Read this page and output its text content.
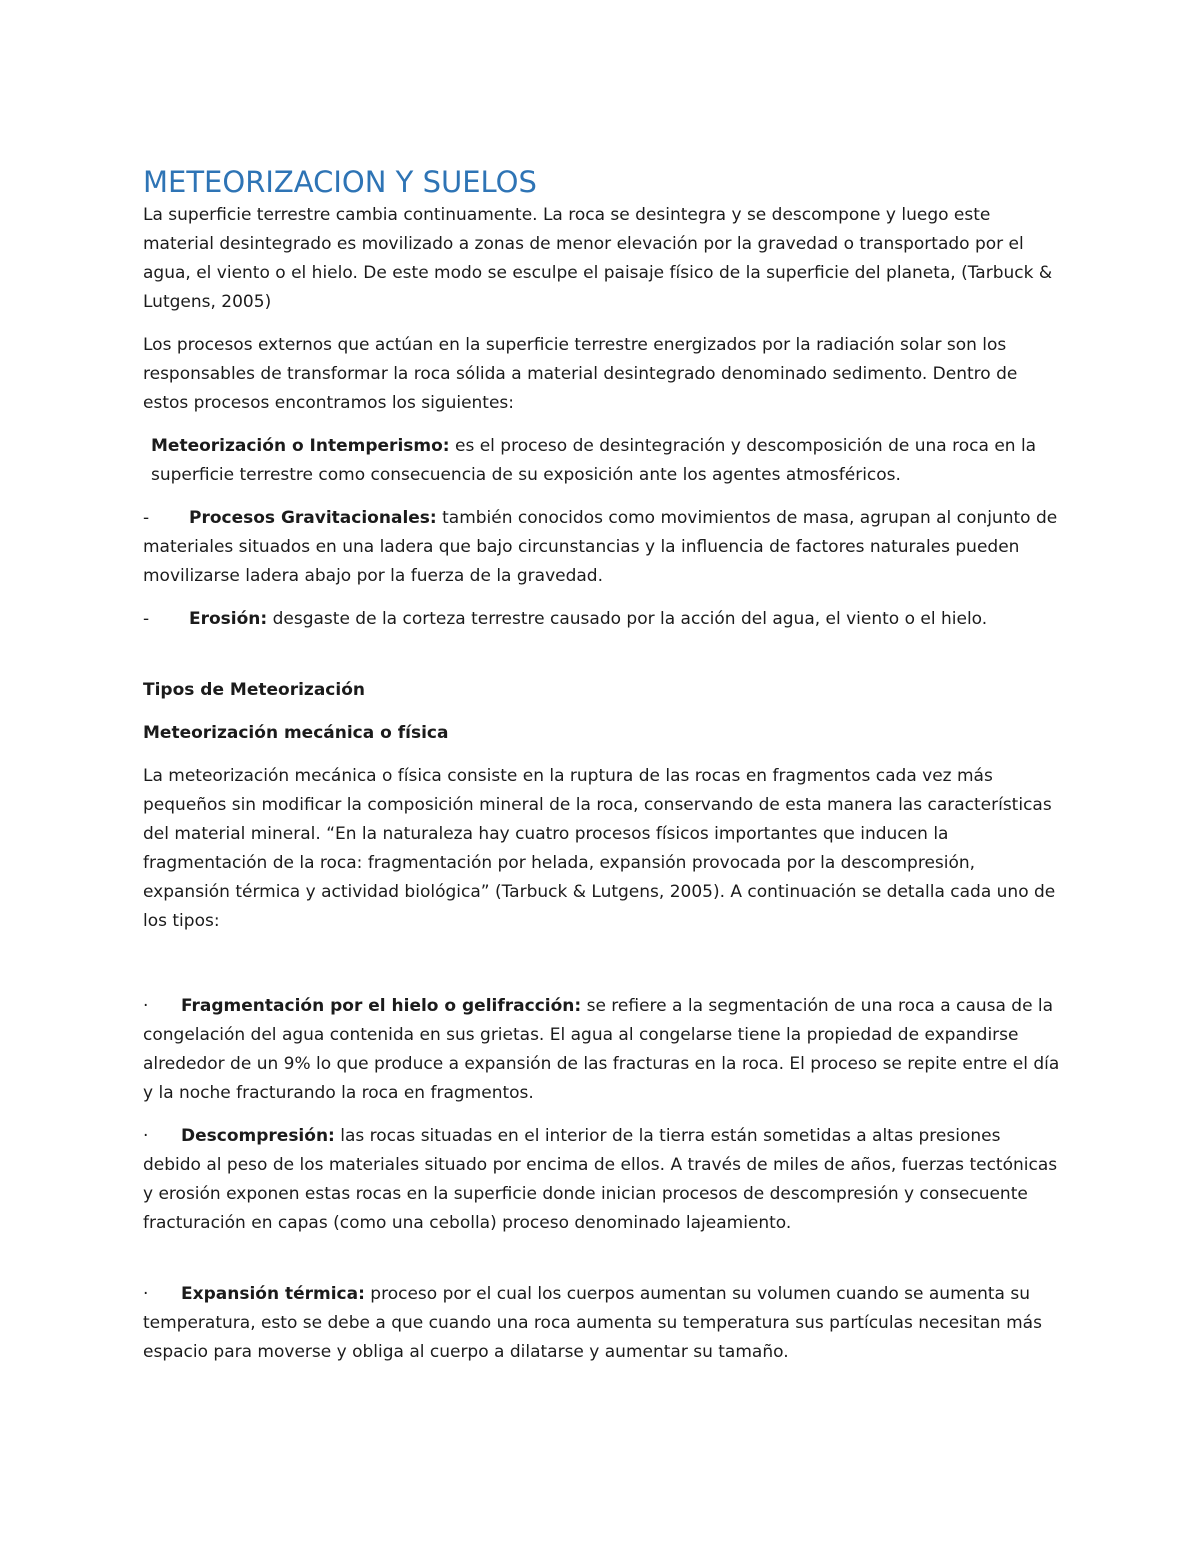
METEORIZACION Y SUELOS

La superficie terrestre cambia continuamente. La roca se desintegra y se descompone y luego este material desintegrado es movilizado a zonas de menor elevación por la gravedad o transportado por el agua, el viento o el hielo. De este modo se esculpe el paisaje físico de la superficie del planeta, (Tarbuck & Lutgens, 2005)

Los procesos externos que actúan en la superficie terrestre energizados por la radiación solar son los responsables de transformar la roca sólida a material desintegrado denominado sedimento. Dentro de estos procesos encontramos los siguientes:

Meteorización o Intemperismo: es el proceso de desintegración y descomposición de una roca en la superficie terrestre como consecuencia de su exposición ante los agentes atmosféricos.

- Procesos Gravitacionales: también conocidos como movimientos de masa, agrupan al conjunto de materiales situados en una ladera que bajo circunstancias y la influencia de factores naturales pueden movilizarse ladera abajo por la fuerza de la gravedad.

- Erosión: desgaste de la corteza terrestre causado por la acción del agua, el viento o el hielo.

Tipos de Meteorización

Meteorización mecánica o física

La meteorización mecánica o física consiste en la ruptura de las rocas en fragmentos cada vez más pequeños sin modificar la composición mineral de la roca, conservando de esta manera las características del material mineral. “En la naturaleza hay cuatro procesos físicos importantes que inducen la fragmentación de la roca: fragmentación por helada, expansión provocada por la descompresión, expansión térmica y actividad biológica” (Tarbuck & Lutgens, 2005). A continuación se detalla cada uno de los tipos:

· Fragmentación por el hielo o gelifracción: se refiere a la segmentación de una roca a causa de la congelación del agua contenida en sus grietas. El agua al congelarse tiene la propiedad de expandirse alrededor de un 9% lo que produce a expansión de las fracturas en la roca. El proceso se repite entre el día y la noche fracturando la roca en fragmentos.

· Descompresión: las rocas situadas en el interior de la tierra están sometidas a altas presiones debido al peso de los materiales situado por encima de ellos. A través de miles de años, fuerzas tectónicas y erosión exponen estas rocas en la superficie donde inician procesos de descompresión y consecuente fracturación en capas (como una cebolla) proceso denominado lajeamiento.

· Expansión térmica: proceso por el cual los cuerpos aumentan su volumen cuando se aumenta su temperatura, esto se debe a que cuando una roca aumenta su temperatura sus partículas necesitan más espacio para moverse y obliga al cuerpo a dilatarse y aumentar su tamaño.
